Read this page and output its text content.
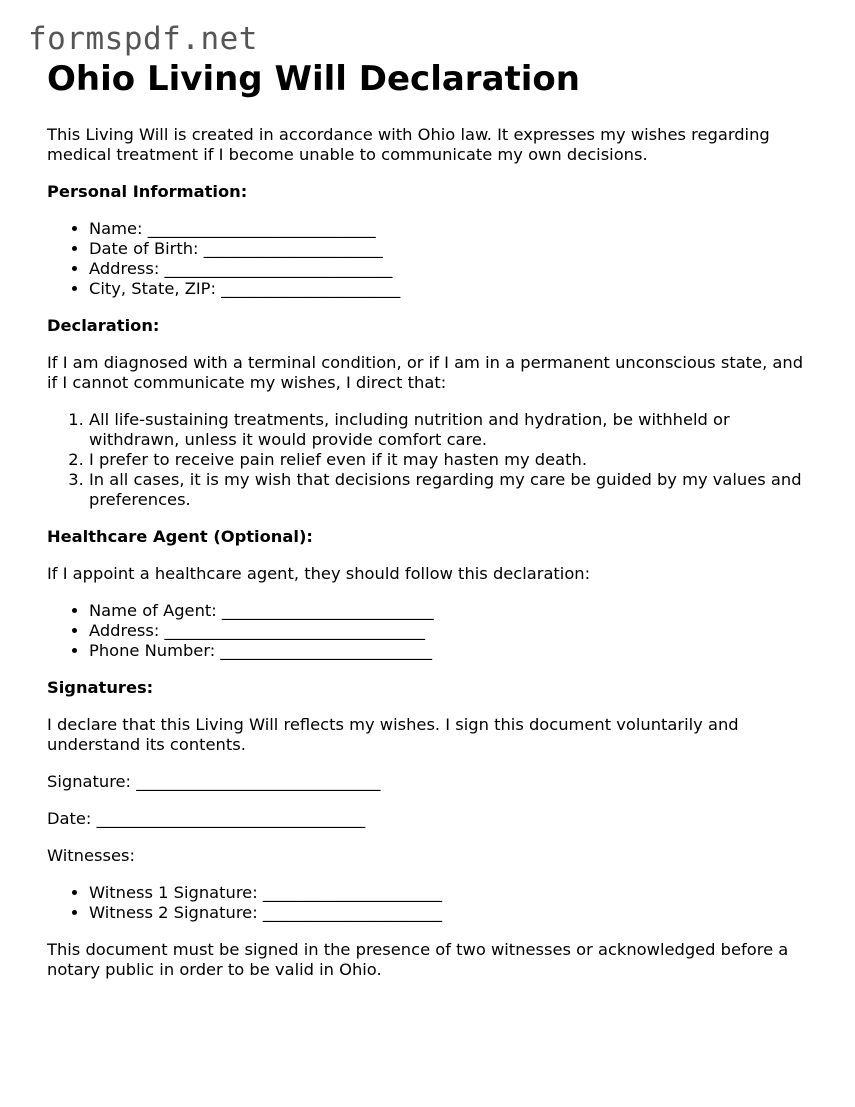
formspdf.net
Ohio Living Will Declaration

This Living Will is created in accordance with Ohio law. It expresses my wishes regarding medical treatment if I become unable to communicate my own decisions.

Personal Information:
• Name: ____________________________
• Date of Birth: ______________________
• Address: ____________________________
• City, State, ZIP: ______________________
Declaration:

If I am diagnosed with a terminal condition, or if I am in a permanent unconscious state, and if I cannot communicate my wishes, I direct that:

1. All life-sustaining treatments, including nutrition and hydration, be withheld or withdrawn, unless it would provide comfort care.
2. I prefer to receive pain relief even if it may hasten my death.
3. In all cases, it is my wish that decisions regarding my care be guided by my values and preferences.
Healthcare Agent (Optional):

If I appoint a healthcare agent, they should follow this declaration:

• Name of Agent: __________________________
• Address: ________________________________
• Phone Number: __________________________
Signatures:

I declare that this Living Will reflects my wishes. I sign this document voluntarily and understand its contents.

Signature: ______________________________

Date: _________________________________

Witnesses:

• Witness 1 Signature: ______________________
• Witness 2 Signature: ______________________

This document must be signed in the presence of two witnesses or acknowledged before a notary public in order to be valid in Ohio.
